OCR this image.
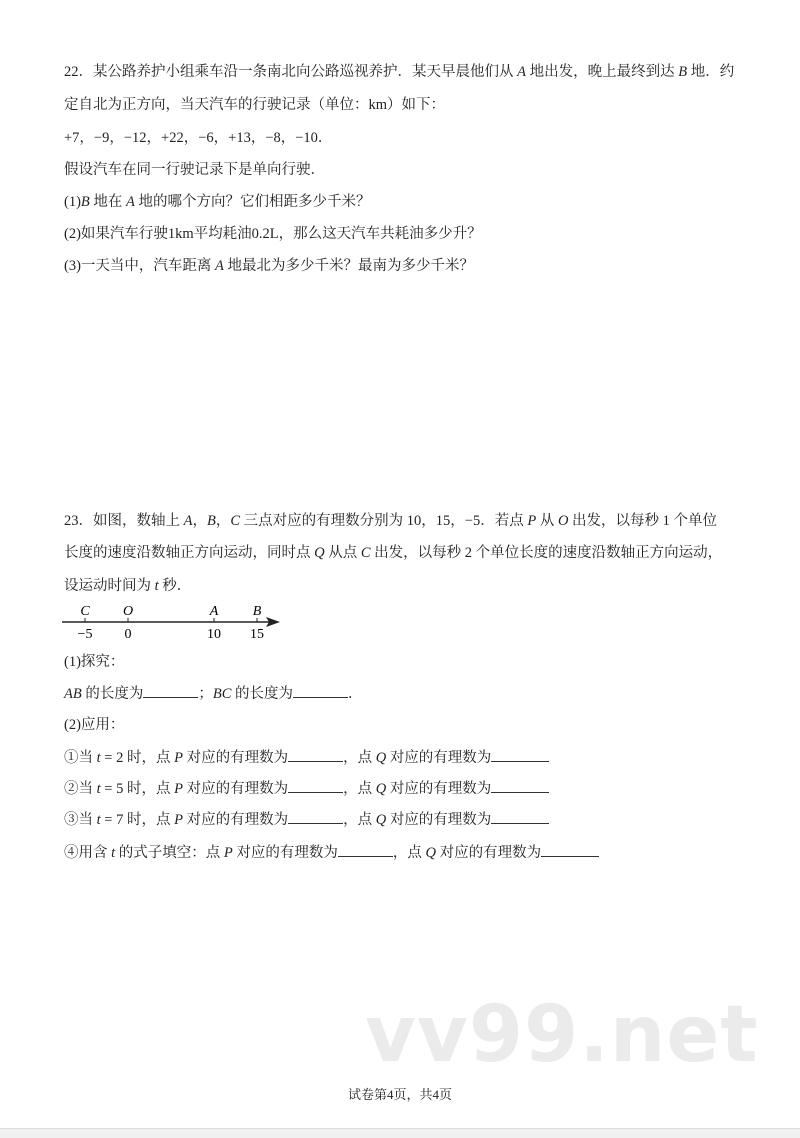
22．某公路养护小组乘车沿一条南北向公路巡视养护．某天早晨他们从 A 地出发，晚上最终到达 B 地．约
定自北为正方向，当天汽车的行驶记录（单位：km）如下：
+7，−9，−12，+22，−6，+13，−8，−10．
假设汽车在同一行驶记录下是单向行驶．
(1)B 地在 A 地的哪个方向？它们相距多少千米？
(2)如果汽车行驶1km平均耗油0.2L，那么这天汽车共耗油多少升？
(3)一天当中，汽车距离 A 地最北为多少千米？最南为多少千米？
23．如图，数轴上 A，B，C 三点对应的有理数分别为 10，15，−5．若点 P 从 O 出发，以每秒 1 个单位
长度的速度沿数轴正方向运动，同时点 Q 从点 C 出发，以每秒 2 个单位长度的速度沿数轴正方向运动，
设运动时间为 t 秒．
(1)探究：
AB 的长度为	；BC 的长度为	．
(2)应用：
①当 t = 2 时，点 P 对应的有理数为	，点 Q 对应的有理数为
②当 t = 5 时，点 P 对应的有理数为	，点 Q 对应的有理数为
③当 t = 7 时，点 P 对应的有理数为	，点 Q 对应的有理数为
④用含 t 的式子填空：点 P 对应的有理数为	，点 Q 对应的有理数为
C
−5
O
0
A
10
B
15
vv99.net
试卷第4页，共4页
